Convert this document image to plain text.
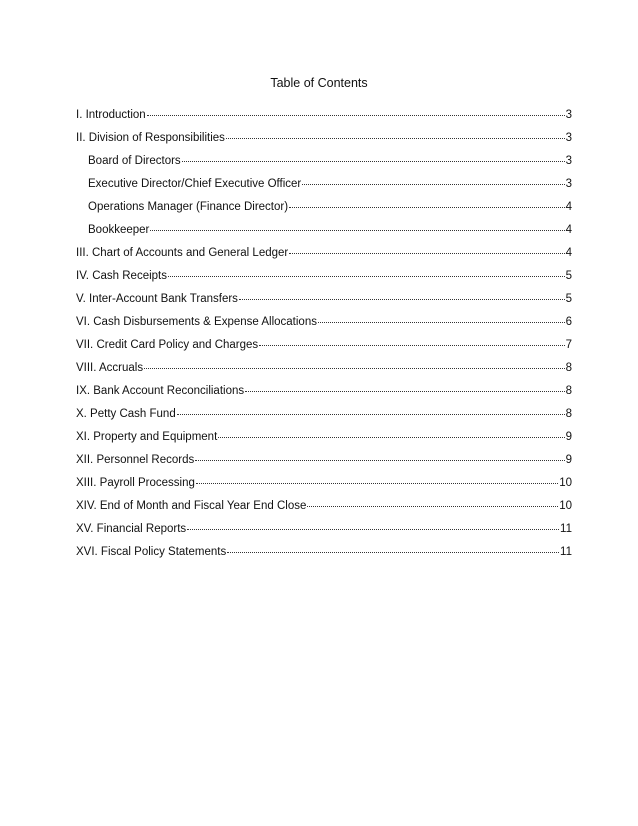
Table of Contents
I. Introduction	3
II. Division of Responsibilities	3
Board of Directors	3
Executive Director/Chief Executive Officer	3
Operations Manager (Finance Director)	4
Bookkeeper	4
III. Chart of Accounts and General Ledger	4
IV. Cash Receipts	5
V. Inter-Account Bank Transfers	5
VI. Cash Disbursements & Expense Allocations	6
VII. Credit Card Policy and Charges	7
VIII. Accruals	8
IX. Bank Account Reconciliations	8
X. Petty Cash Fund	8
XI. Property and Equipment	9
XII. Personnel Records	9
XIII. Payroll Processing	10
XIV. End of Month and Fiscal Year End Close	10
XV. Financial Reports	11
XVI. Fiscal Policy Statements	11
